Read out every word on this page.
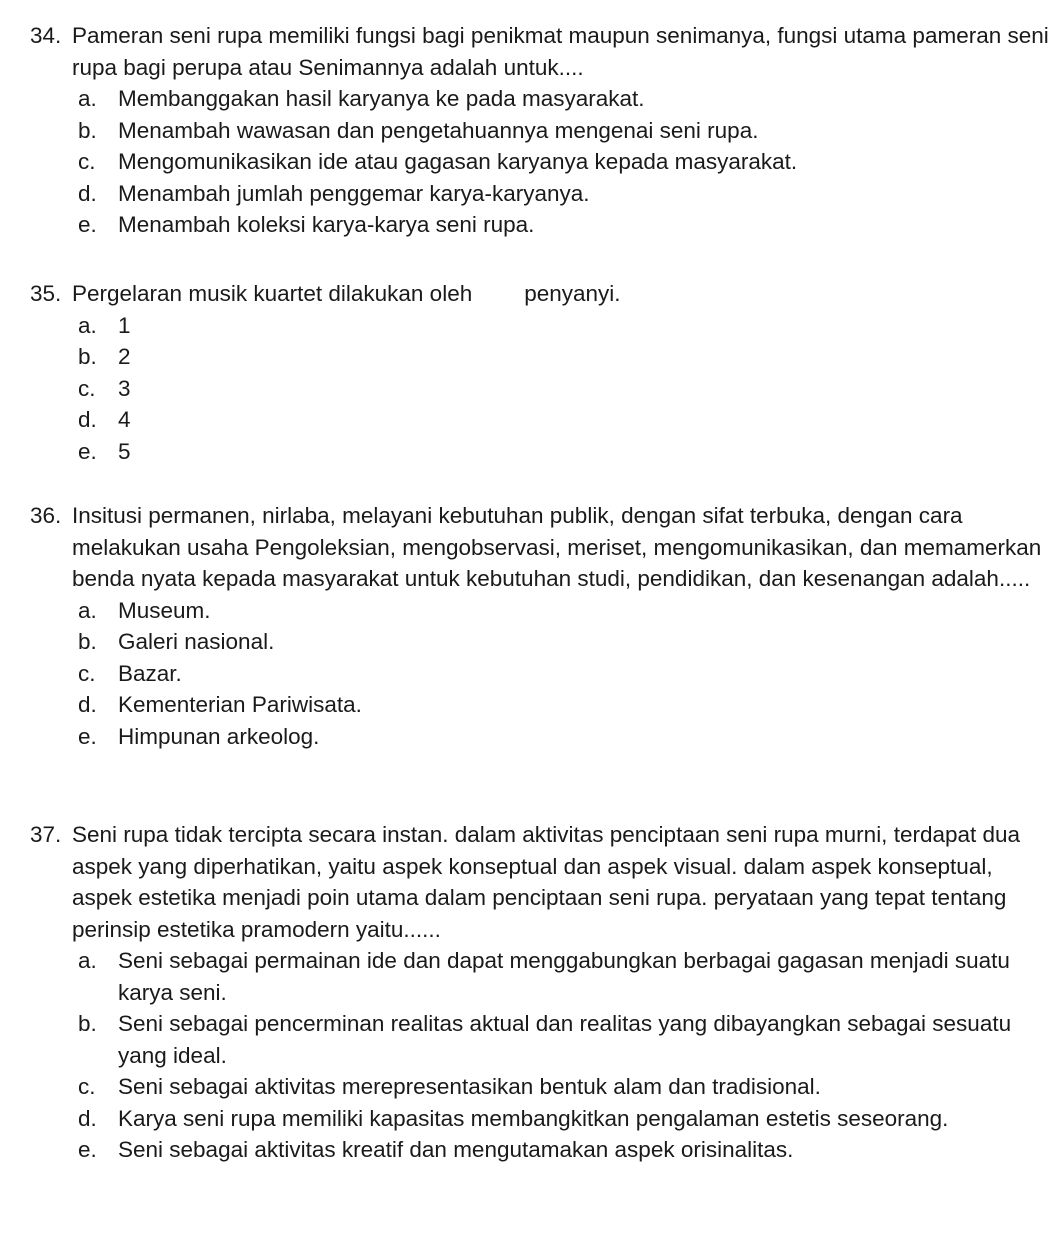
34. Pameran seni rupa memiliki fungsi bagi penikmat maupun senimanya, fungsi utama pameran seni rupa bagi perupa atau Senimannya adalah untuk....
a. Membanggakan hasil karyanya ke pada masyarakat.
b. Menambah wawasan dan pengetahuannya mengenai seni rupa.
c. Mengomunikasikan ide atau gagasan karyanya kepada masyarakat.
d. Menambah jumlah penggemar karya-karyanya.
e. Menambah koleksi karya-karya seni rupa.
35. Pergelaran musik kuartet dilakukan oleh penyanyi.
a. 1
b. 2
c. 3
d. 4
e. 5
36. Insitusi permanen, nirlaba, melayani kebutuhan publik, dengan sifat terbuka, dengan cara melakukan usaha Pengoleksian, mengobservasi, meriset, mengomunikasikan, dan memamerkan benda nyata kepada masyarakat untuk kebutuhan studi, pendidikan, dan kesenangan adalah.....
a. Museum.
b. Galeri nasional.
c. Bazar.
d. Kementerian Pariwisata.
e. Himpunan arkeolog.
37. Seni rupa tidak tercipta secara instan. dalam aktivitas penciptaan seni rupa murni, terdapat dua aspek yang diperhatikan, yaitu aspek konseptual dan aspek visual. dalam aspek konseptual, aspek estetika menjadi poin utama dalam penciptaan seni rupa. peryataan yang tepat tentang perinsip estetika pramodern yaitu......
a. Seni sebagai permainan ide dan dapat menggabungkan berbagai gagasan menjadi suatu karya seni.
b. Seni sebagai pencerminan realitas aktual dan realitas yang dibayangkan sebagai sesuatu yang ideal.
c. Seni sebagai aktivitas merepresentasikan bentuk alam dan tradisional.
d. Karya seni rupa memiliki kapasitas membangkitkan pengalaman estetis seseorang.
e. Seni sebagai aktivitas kreatif dan mengutamakan aspek orisinalitas.
